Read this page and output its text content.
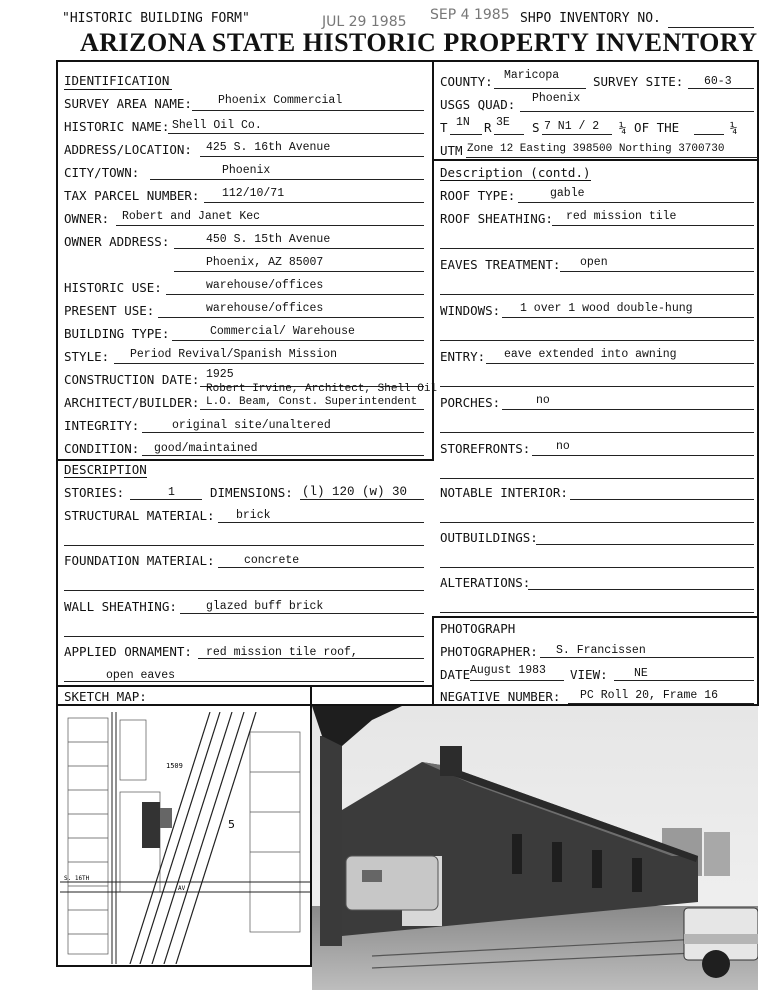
"HISTORIC BUILDING FORM"	JUL 29 1985 SEP 4 1985 SHPO INVENTORY NO.
ARIZONA STATE HISTORIC PROPERTY INVENTORY
IDENTIFICATION
SURVEY AREA NAME: Phoenix Commercial
HISTORIC NAME: Shell Oil Co.
ADDRESS/LOCATION: 425 S. 16th Avenue
CITY/TOWN:	Phoenix
TAX PARCEL NUMBER: 112/10/71
OWNER: Robert and Janet Kec
OWNER ADDRESS:	450 S. 15th Avenue
Phoenix, AZ 85007
HISTORIC USE:	warehouse/offices
PRESENT USE:	warehouse/offices
BUILDING TYPE:	Commercial/ Warehouse
STYLE: Period Revival/Spanish Mission
CONSTRUCTION DATE: 1925
ARCHITECT/BUILDER:
Robert Irvine, Architect, Shell Oil
L.O. Beam, Const. Superintendent
INTEGRITY:	original site/unaltered
CONDITION: good/maintained
COUNTY: Maricopa	SURVEY SITE: 60-3
USGS QUAD: Phoenix
T 1N R 3E S 7 N1 / 2 ¼ OF THE	¼
UTM Zone 12 Easting 398500 Northing 3700730
Description (contd.)
ROOF TYPE:	gable
ROOF SHEATHING: red mission tile
EAVES TREATMENT: open
WINDOWS: 1 over 1 wood double-hung
ENTRY: eave extended into awning
PORCHES:	no
STOREFRONTS: no
NOTABLE INTERIOR:
OUTBUILDINGS:
ALTERATIONS:
DESCRIPTION
STORIES:	1	DIMENSIONS: (l) 120 (w) 30
STRUCTURAL MATERIAL: brick
FOUNDATION MATERIAL:	concrete
WALL SHEATHING:	glazed buff brick
APPLIED ORNAMENT: red mission tile roof,
open eaves
PHOTOGRAPH
PHOTOGRAPHER: S. Francissen
DATE August 1983 VIEW: NE
NEGATIVE NUMBER: PC Roll 20, Frame 16
SKETCH MAP:
1509
5
S. 16TH
AV
